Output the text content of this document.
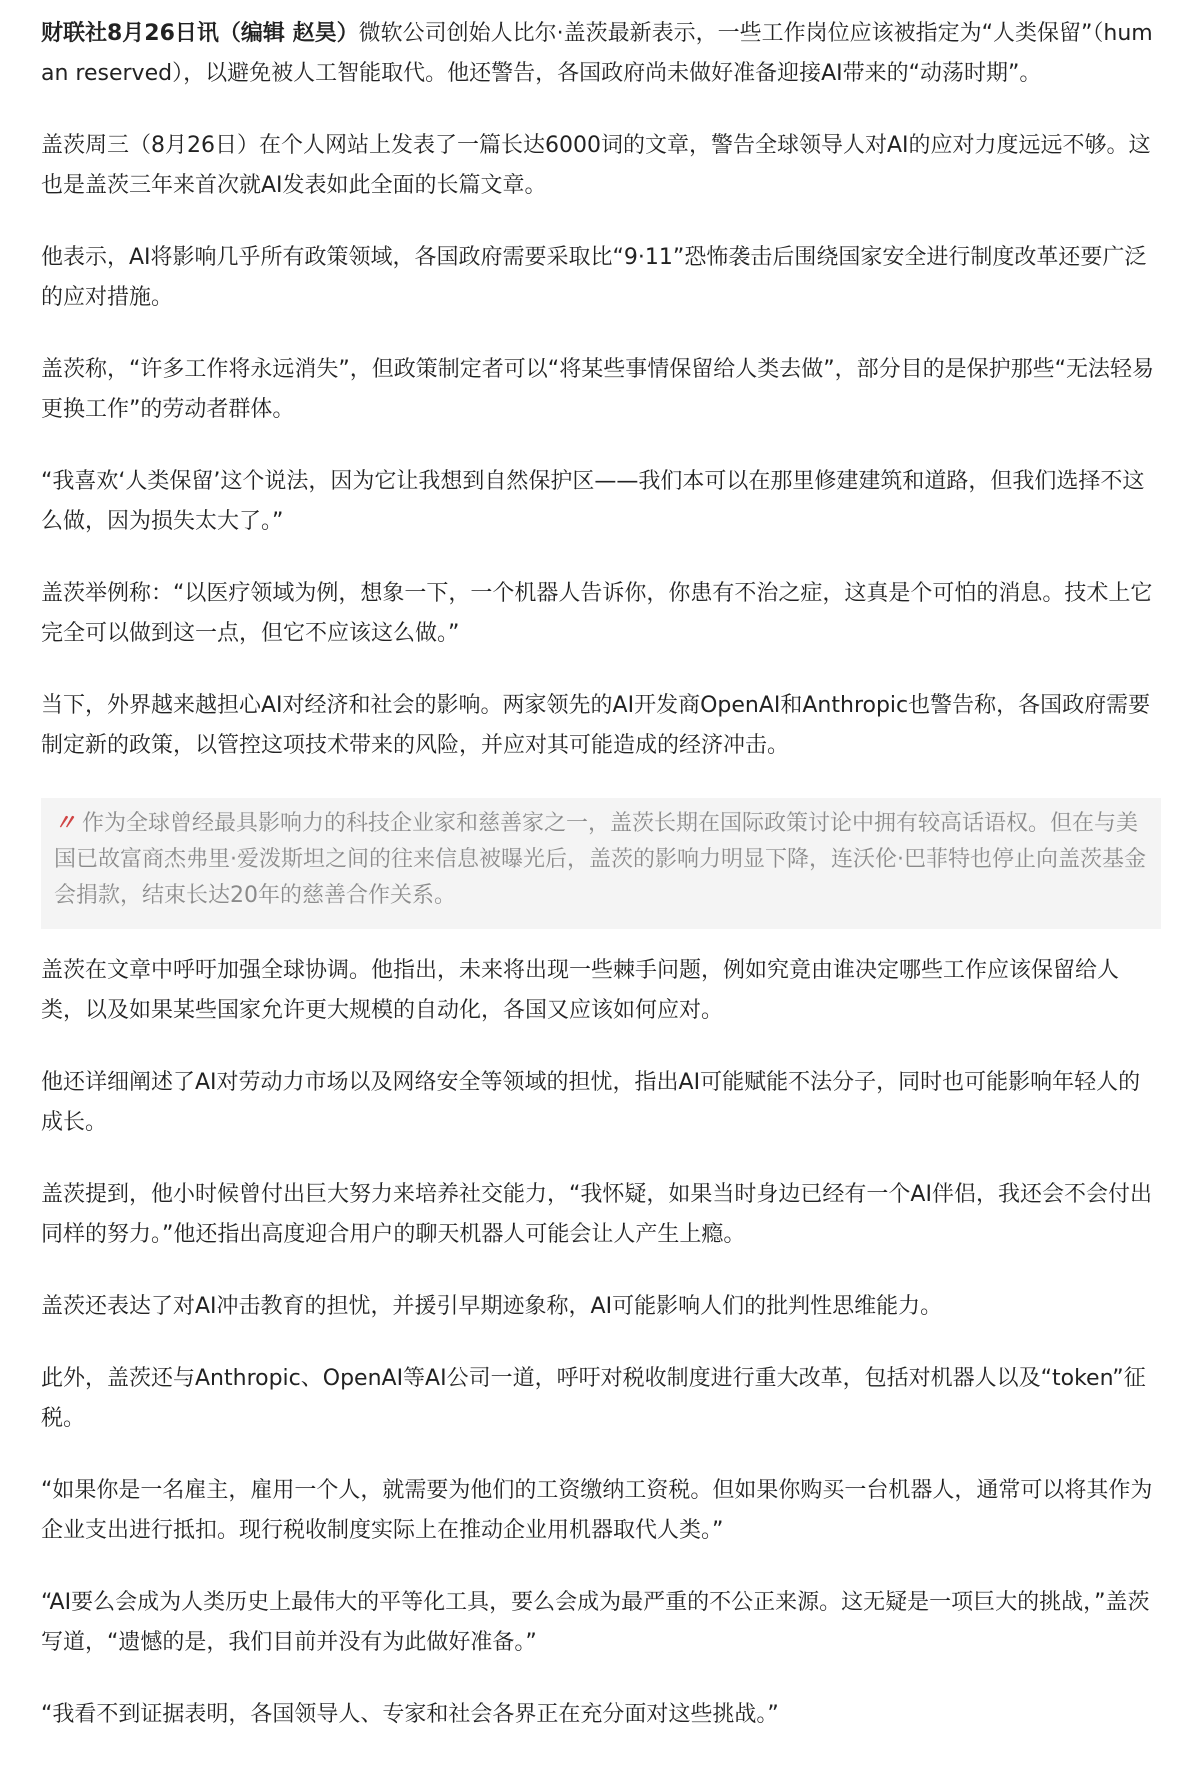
财联社8月26日讯（编辑 赵昊）微软公司创始人比尔·盖茨最新表示，一些工作岗位应该被指定为“人类保留”（human reserved），以避免被人工智能取代。他还警告，各国政府尚未做好准备迎接AI带来的“动荡时期”。

盖茨周三（8月26日）在个人网站上发表了一篇长达6000词的文章，警告全球领导人对AI的应对力度远远不够。这也是盖茨三年来首次就AI发表如此全面的长篇文章。

他表示，AI将影响几乎所有政策领域，各国政府需要采取比“9·11”恐怖袭击后围绕国家安全进行制度改革还要广泛的应对措施。

盖茨称，“许多工作将永远消失”，但政策制定者可以“将某些事情保留给人类去做”，部分目的是保护那些“无法轻易更换工作”的劳动者群体。

“我喜欢‘人类保留’这个说法，因为它让我想到自然保护区——我们本可以在那里修建建筑和道路，但我们选择不这么做，因为损失太大了。”

盖茨举例称：“以医疗领域为例，想象一下，一个机器人告诉你，你患有不治之症，这真是个可怕的消息。技术上它完全可以做到这一点，但它不应该这么做。”

当下，外界越来越担心AI对经济和社会的影响。两家领先的AI开发商OpenAI和Anthropic也警告称，各国政府需要制定新的政策，以管控这项技术带来的风险，并应对其可能造成的经济冲击。

〃 作为全球曾经最具影响力的科技企业家和慈善家之一，盖茨长期在国际政策讨论中拥有较高话语权。但在与美国已故富商杰弗里·爱泼斯坦之间的往来信息被曝光后，盖茨的影响力明显下降，连沃伦·巴菲特也停止向盖茨基金会捐款，结束长达20年的慈善合作关系。

盖茨在文章中呼吁加强全球协调。他指出，未来将出现一些棘手问题，例如究竟由谁决定哪些工作应该保留给人类，以及如果某些国家允许更大规模的自动化，各国又应该如何应对。

他还详细阐述了AI对劳动力市场以及网络安全等领域的担忧，指出AI可能赋能不法分子，同时也可能影响年轻人的成长。

盖茨提到，他小时候曾付出巨大努力来培养社交能力，“我怀疑，如果当时身边已经有一个AI伴侣，我还会不会付出同样的努力。”他还指出高度迎合用户的聊天机器人可能会让人产生上瘾。

盖茨还表达了对AI冲击教育的担忧，并援引早期迹象称，AI可能影响人们的批判性思维能力。

此外，盖茨还与Anthropic、OpenAI等AI公司一道，呼吁对税收制度进行重大改革，包括对机器人以及“token”征税。

“如果你是一名雇主，雇用一个人，就需要为他们的工资缴纳工资税。但如果你购买一台机器人，通常可以将其作为企业支出进行抵扣。现行税收制度实际上在推动企业用机器取代人类。”

“AI要么会成为人类历史上最伟大的平等化工具，要么会成为最严重的不公正来源。这无疑是一项巨大的挑战，”盖茨写道，“遗憾的是，我们目前并没有为此做好准备。”

“我看不到证据表明，各国领导人、专家和社会各界正在充分面对这些挑战。”
